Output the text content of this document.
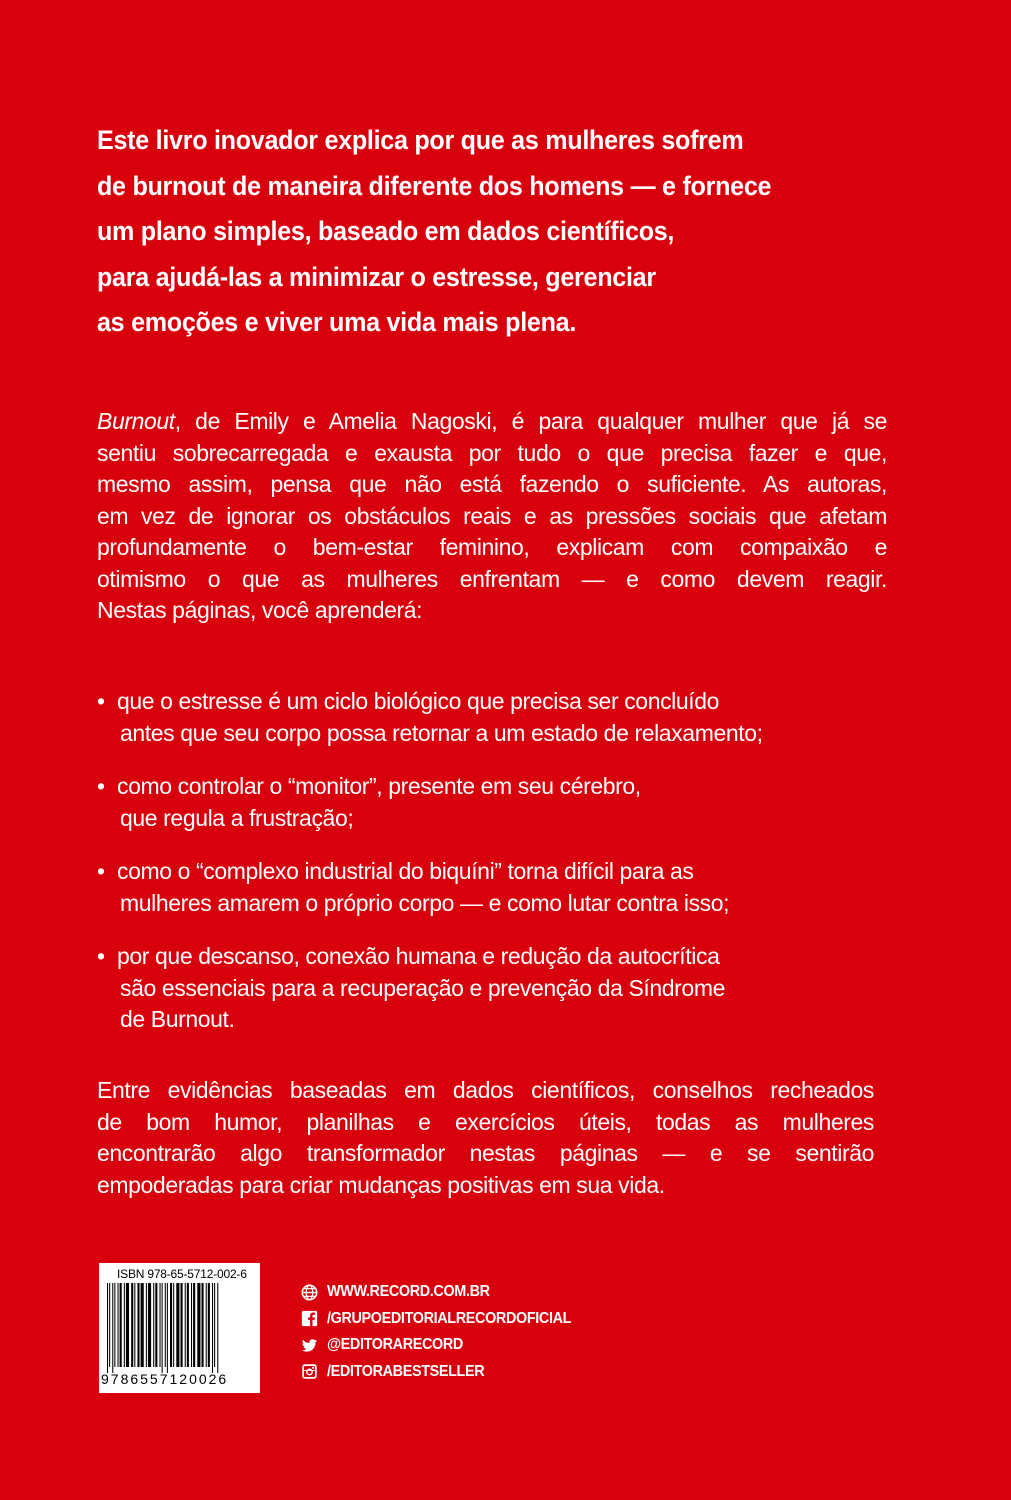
Este livro inovador explica por que as mulheres sofrem
de burnout de maneira diferente dos homens — e fornece
um plano simples, baseado em dados científicos,
para ajudá-las a minimizar o estresse, gerenciar
as emoções e viver uma vida mais plena.
Burnout, de Emily e Amelia Nagoski, é para qualquer mulher que já se
sentiu sobrecarregada e exausta por tudo o que precisa fazer e que,
mesmo assim, pensa que não está fazendo o suficiente. As autoras,
em vez de ignorar os obstáculos reais e as pressões sociais que afetam
profundamente o bem-estar feminino, explicam com compaixão e
otimismo o que as mulheres enfrentam — e como devem reagir.
Nestas páginas, você aprenderá:
• que o estresse é um ciclo biológico que precisa ser concluído
antes que seu corpo possa retornar a um estado de relaxamento;
• como controlar o “monitor”, presente em seu cérebro,
que regula a frustração;
• como o “complexo industrial do biquíni” torna difícil para as
mulheres amarem o próprio corpo — e como lutar contra isso;
• por que descanso, conexão humana e redução da autocrítica
são essenciais para a recuperação e prevenção da Síndrome
de Burnout.
Entre evidências baseadas em dados científicos, conselhos recheados
de bom humor, planilhas e exercícios úteis, todas as mulheres
encontrarão algo transformador nestas páginas — e se sentirão
empoderadas para criar mudanças positivas em sua vida.
ISBN 978-65-5712-002-6
9786557120026
WWW.RECORD.COM.BR
/GRUPOEDITORIALRECORDOFICIAL
@EDITORARECORD
/EDITORABESTSELLER
